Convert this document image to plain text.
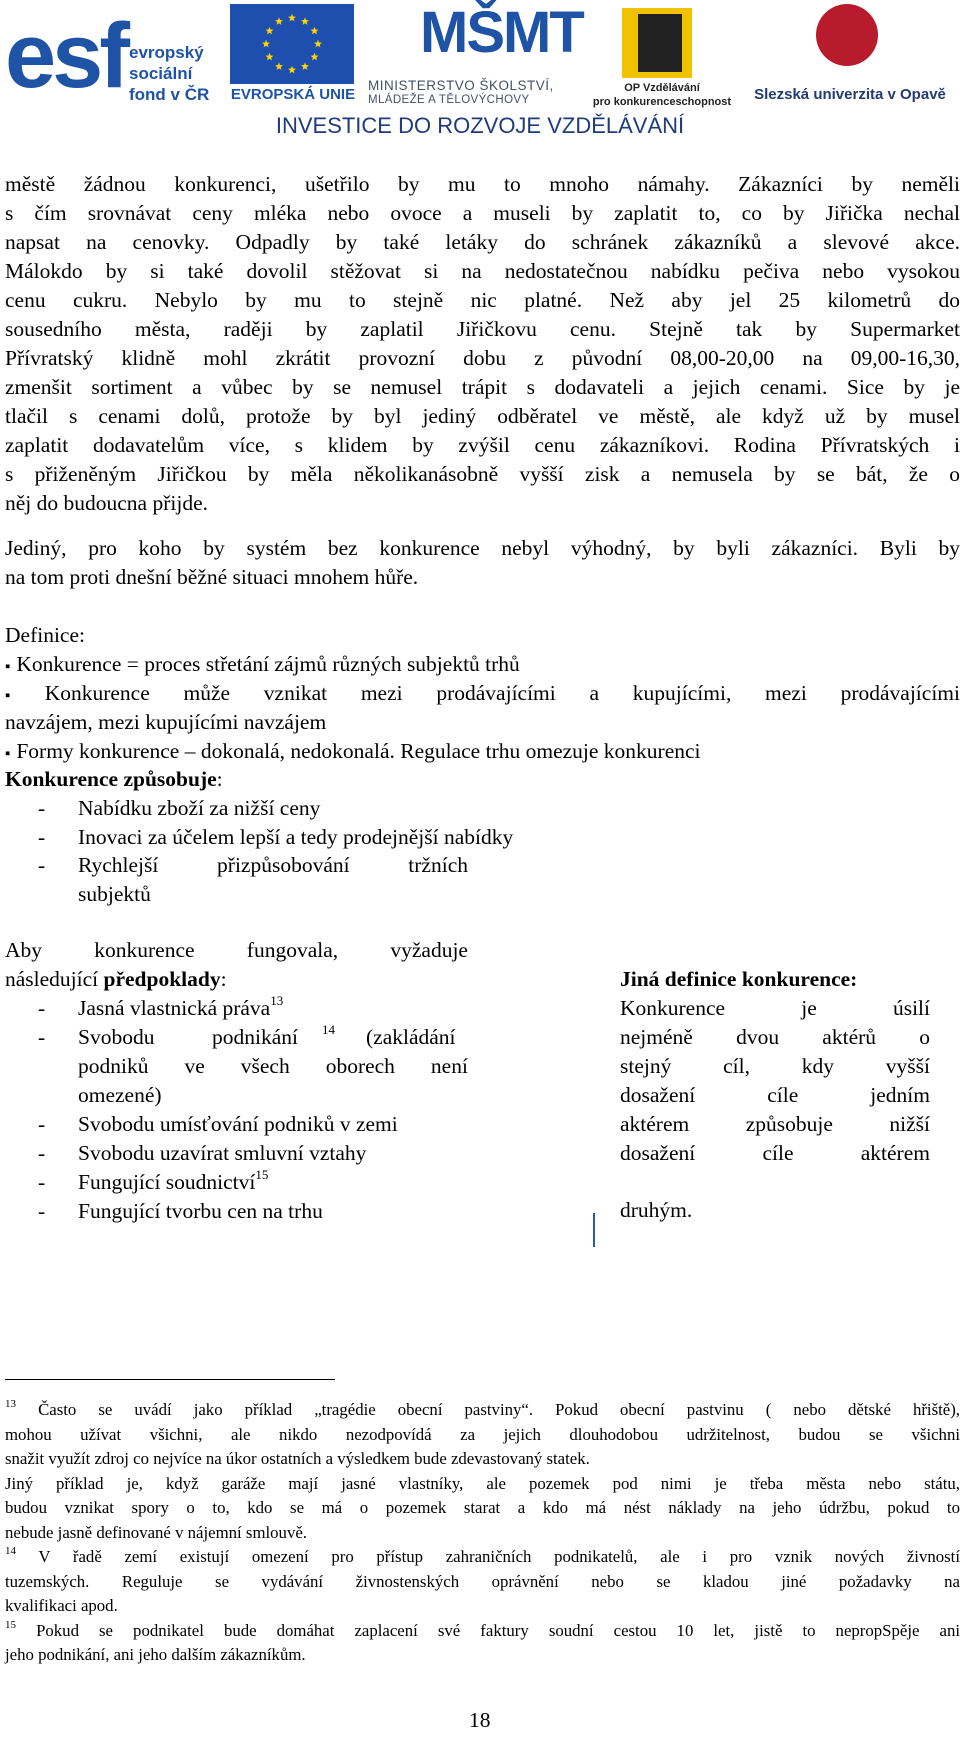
esf evropský
sociální
fond v ČR	EVROPSKÁ UNIE
MŠMT
MINISTERSTVO ŠKOLSTVÍ,
MLÁDEŽE A TĚLOVÝCHOVY
OP Vzdělávání
pro konkurenceschopnost	Slezská univerzita v Opavě
INVESTICE DO ROZVOJE VZDĚLÁVÁNÍ
městě žádnou konkurenci, ušetřilo by mu to mnoho námahy. Zákazníci by neměli
s čím srovnávat ceny mléka nebo ovoce a museli by zaplatit to, co by Jiřička nechal
napsat na cenovky. Odpadly by také letáky do schránek zákazníků a slevové akce.
Málokdo by si také dovolil stěžovat si na nedostatečnou nabídku pečiva nebo vysokou
cenu cukru. Nebylo by mu to stejně nic platné. Než aby jel 25 kilometrů do
sousedního města, raději by zaplatil Jiřičkovu cenu. Stejně tak by Supermarket
Přívratský klidně mohl zkrátit provozní dobu z původní 08,00-20,00 na 09,00-16,30,
zmenšit sortiment a vůbec by se nemusel trápit s dodavateli a jejich cenami. Sice by je
tlačil s cenami dolů, protože by byl jediný odběratel ve městě, ale když už by musel
zaplatit dodavatelům více, s klidem by zvýšil cenu zákazníkovi. Rodina Přívratských i
s přiženěným Jiřičkou by měla několikanásobně vyšší zisk a nemusela by se bát, že o
něj do budoucna přijde.
Jediný, pro koho by systém bez konkurence nebyl výhodný, by byli zákazníci. Byli by
na tom proti dnešní běžné situaci mnohem hůře.
Definice:
▪ Konkurence = proces střetání zájmů různých subjektů trhů
▪ Konkurence může vznikat mezi prodávajícími a kupujícími, mezi prodávajícími
navzájem, mezi kupujícími navzájem
▪ Formy konkurence – dokonalá, nedokonalá. Regulace trhu omezuje konkurenci
Konkurence způsobuje:
- Nabídku zboží za nižší ceny
- Inovaci za účelem lepší a tedy prodejnější nabídky
- Rychlejší	přizpůsobování	tržních
subjektů
Aby konkurence fungovala, vyžaduje
následující předpoklady:
- Jasná vlastnická práva$^{13}$
- Svobodu	podnikání $^{14}$ (zakládání
podniků ve všech oborech není
omezené)
- Svobodu umísťování podniků v zemi
- Svobodu uzavírat smluvní vztahy
- Fungující soudnictví$^{15}$
- Fungující tvorbu cen na trhu
Jiná definice konkurence:
Konkurence	je	úsilí
nejméně dvou aktérů o
stejný cíl, kdy vyšší
dosažení	cíle	jedním
aktérem	způsobuje	nižší
dosažení	cíle	aktérem
druhým.
$^{13}$ Často se uvádí jako příklad „tragédie obecní pastviny“. Pokud obecní pastvinu ( nebo dětské hřiště),
mohou užívat všichni, ale nikdo nezodpovídá za jejich dlouhodobou udržitelnost, budou se všichni
snažit využít zdroj co nejvíce na úkor ostatních a výsledkem bude zdevastovaný statek.
Jiný příklad je, když garáže mají jasné vlastníky, ale pozemek pod nimi je třeba města nebo státu,
budou vznikat spory o to, kdo se má o pozemek starat a kdo má nést náklady na jeho údržbu, pokud to
nebude jasně definované v nájemní smlouvě.
$^{14}$ V řadě zemí existují omezení pro přístup zahraničních podnikatelů, ale i pro vznik nových živností
tuzemských. Reguluje se vydávání živnostenských oprávnění nebo se kladou jiné požadavky na
kvalifikaci apod.
$^{15}$ Pokud se podnikatel bude domáhat zaplacení své faktury soudní cestou 10 let, jistě to nepropSpěje ani
jeho podnikání, ani jeho dalším zákazníkům.
18
